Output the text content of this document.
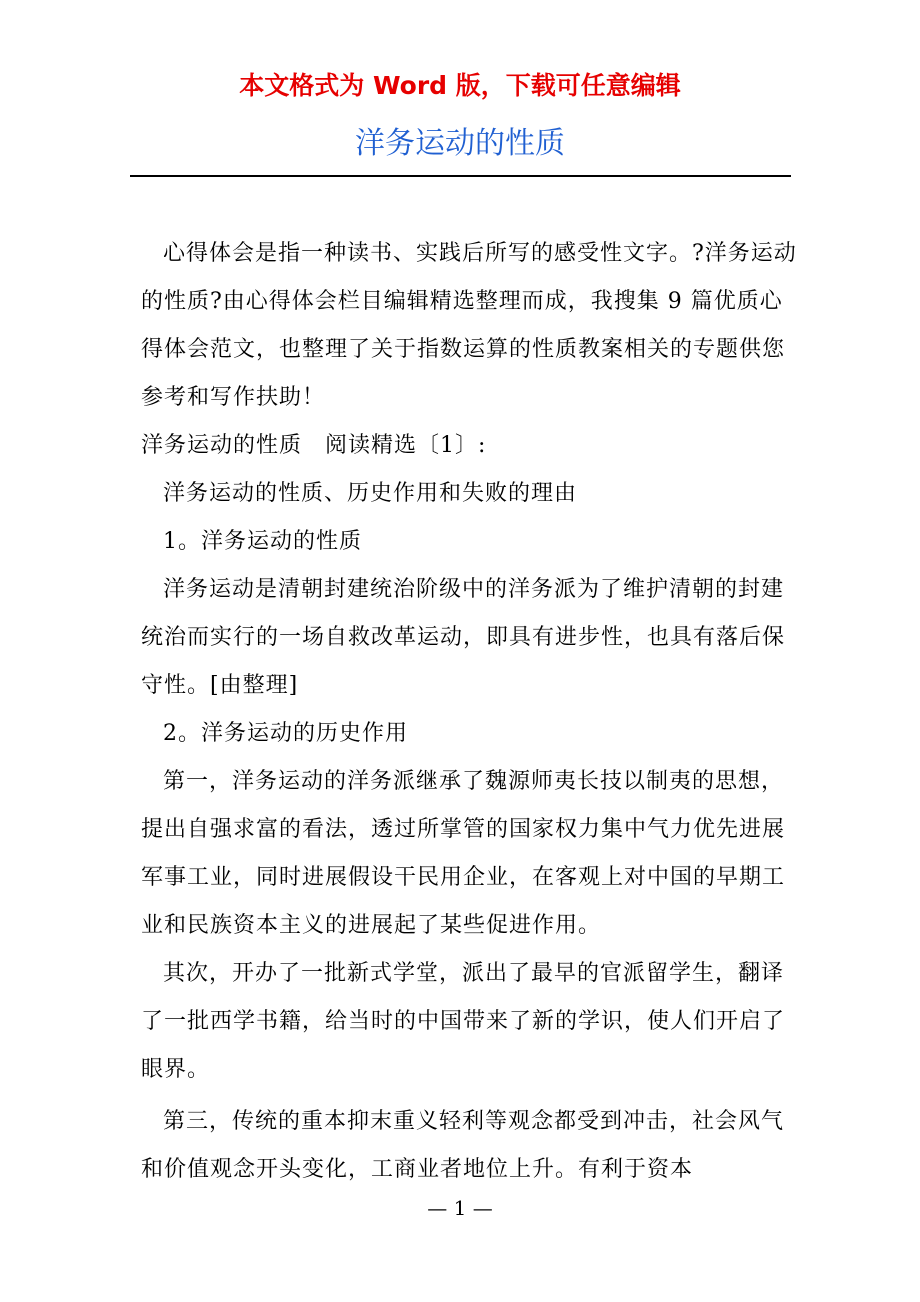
本文格式为 Word 版，下载可任意编辑
洋务运动的性质

心得体会是指一种读书、实践后所写的感受性文字。?洋务运动的性质?由心得体会栏目编辑精选整理而成，我搜集 9 篇优质心得体会范文，也整理了关于指数运算的性质教案相关的专题供您参考和写作扶助！

洋务运动的性质　阅读精选〔1〕:

洋务运动的性质、历史作用和失败的理由

1。洋务运动的性质

洋务运动是清朝封建统治阶级中的洋务派为了维护清朝的封建统治而实行的一场自救改革运动，即具有进步性，也具有落后保守性。[由整理]

2。洋务运动的历史作用

第一，洋务运动的洋务派继承了魏源师夷长技以制夷的思想，提出自强求富的看法，透过所掌管的国家权力集中气力优先进展军事工业，同时进展假设干民用企业，在客观上对中国的早期工业和民族资本主义的进展起了某些促进作用。

其次，开办了一批新式学堂，派出了最早的官派留学生，翻译了一批西学书籍，给当时的中国带来了新的学识，使人们开启了眼界。

第三，传统的重本抑末重义轻利等观念都受到冲击，社会风气和价值观念开头变化，工商业者地位上升。有利于资本

— 1 —
